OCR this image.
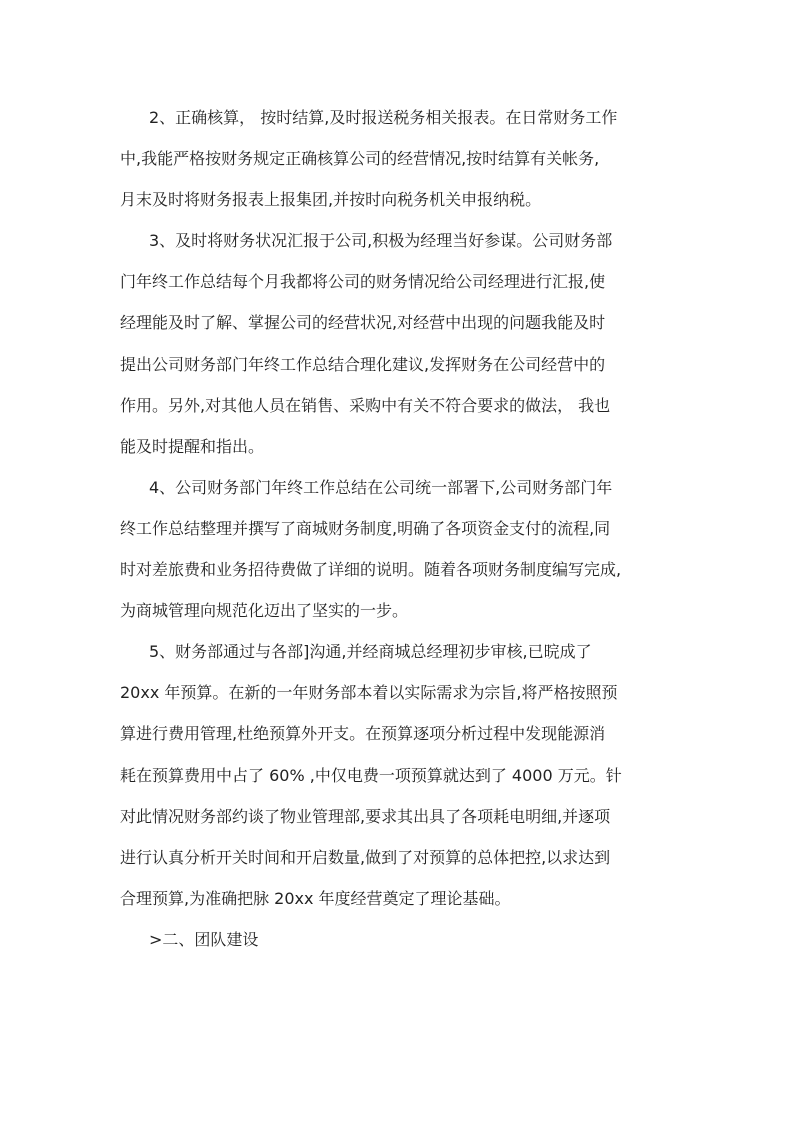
2、正确核算， 按时结算,及时报送税务相关报表。在日常财务工作
中,我能严格按财务规定正确核算公司的经营情况,按时结算有关帐务,
月末及时将财务报表上报集团,并按时向税务机关申报纳税。
3、及时将财务状况汇报于公司,积极为经理当好参谋。公司财务部
门年终工作总结每个月我都将公司的财务情况给公司经理进行汇报,使
经理能及时了解、掌握公司的经营状况,对经营中出现的问题我能及时
提出公司财务部门年终工作总结合理化建议,发挥财务在公司经营中的
作用。另外,对其他人员在销售、采购中有关不符合要求的做法， 我也
能及时提醒和指出。
4、公司财务部门年终工作总结在公司统一部署下,公司财务部门年
终工作总结整理并撰写了商城财务制度,明确了各项资金支付的流程,同
时对差旅费和业务招待费做了详细的说明。随着各项财务制度编写完成,
为商城管理向规范化迈出了坚实的一步。
5、财务部通过与各部]沟通,并经商城总经理初步审核,已晥成了
20xx 年预算。在新的一年财务部本着以实际需求为宗旨,将严格按照预
算进行费用管理,杜绝预算外开支。在预算逐项分析过程中发现能源消
耗在预算费用中占了 60% ,中仅电费一项预算就达到了 4000 万元。针
对此情况财务部约谈了物业管理部,要求其出具了各项耗电明细,并逐项
进行认真分析开关时间和开启数量,做到了对预算的总体把控,以求达到
合理预算,为准确把脉 20xx 年度经营奠定了理论基础。
>二、团队建设
